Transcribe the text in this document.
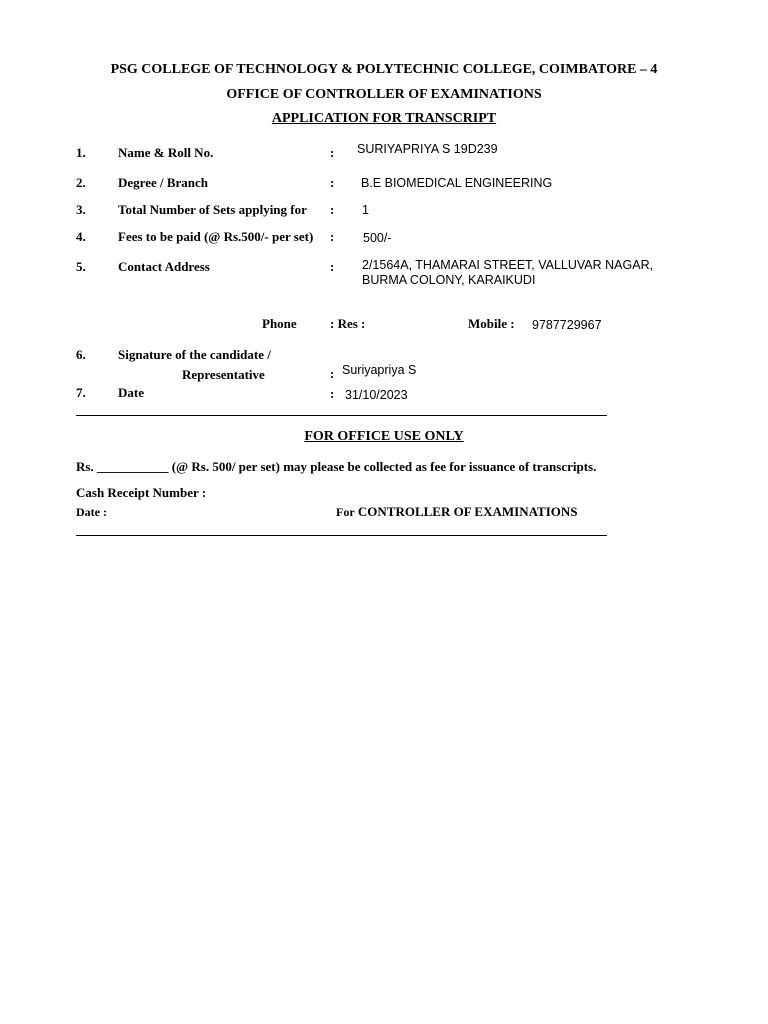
PSG COLLEGE OF TECHNOLOGY & POLYTECHNIC COLLEGE, COIMBATORE – 4
OFFICE OF CONTROLLER OF EXAMINATIONS
APPLICATION FOR TRANSCRIPT
1. Name & Roll No.	: SURIYAPRIYA S 19D239
2. Degree / Branch	: B.E BIOMEDICAL ENGINEERING
3. Total Number of Sets applying for : 1
4. Fees to be paid (@ Rs.500/- per set) : 500/-
5. Contact Address	: 2/1564A, THAMARAI STREET, VALLUVAR NAGAR,
BURMA COLONY, KARAIKUDI
Phone	: Res :	Mobile : 9787729967
6. Signature of the candidate /
Representative	: Suriyapriya S
7. Date	: 31/10/2023
FOR OFFICE USE ONLY
Rs. ___________ (@ Rs. 500/ per set) may please be collected as fee for issuance of transcripts.
Cash Receipt Number :
Date :	For CONTROLLER OF EXAMINATIONS
